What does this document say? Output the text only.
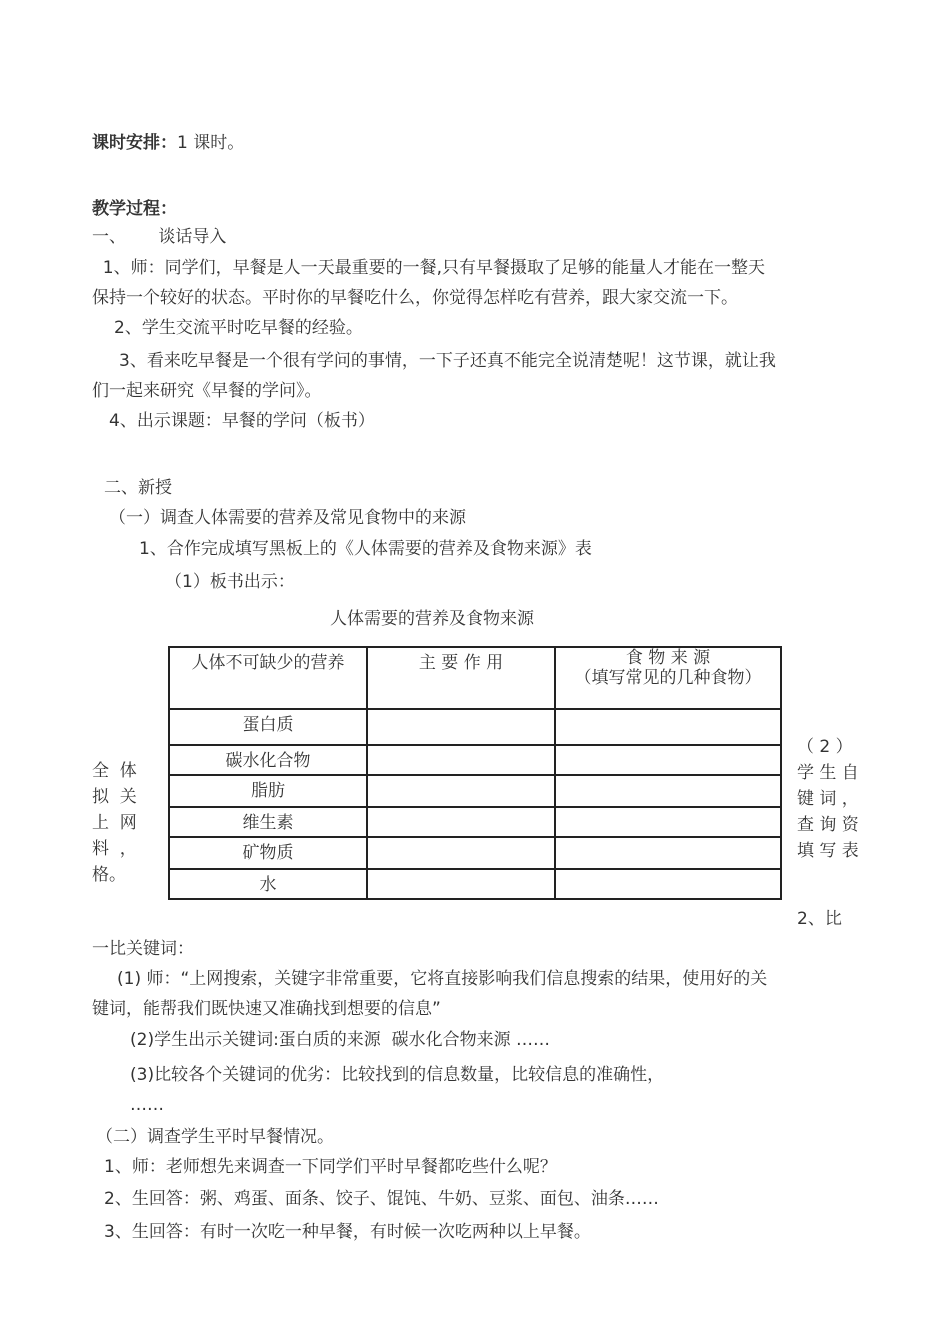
课时安排：1 课时。
教学过程：
一、      谈话导入
1、师：同学们，早餐是人一天最重要的一餐,只有早餐摄取了足够的能量人才能在一整天
保持一个较好的状态。平时你的早餐吃什么，你觉得怎样吃有营养，跟大家交流一下。
2、学生交流平时吃早餐的经验。
3、看来吃早餐是一个很有学问的事情，一下子还真不能完全说清楚呢！这节课，就让我
们一起来研究《早餐的学问》。
4、出示课题：早餐的学问（板书）
二、新授
（一）调查人体需要的营养及常见食物中的来源
1、合作完成填写黑板上的《人体需要的营养及食物来源》表
（1）板书出示：
人体需要的营养及食物来源
人体不可缺少的营养	主 要 作 用	食 物 来 源
（填写常见的几种食物）

蛋白质		
碳水化合物		
脂肪		
维生素		
矿物质		
水		
全  体
拟  关
上  网
料  ，
格。
（ 2 ）
学 生 自
键 词 ，
查 询 资
填 写 表
2、比
一比关键词：
(1) 师：“上网搜索，关键字非常重要，它将直接影响我们信息搜索的结果，使用好的关
键词，能帮我们既快速又准确找到想要的信息”
(2)学生出示关键词:蛋白质的来源  碳水化合物来源 ……
(3)比较各个关键词的优劣：比较找到的信息数量，比较信息的准确性，
……
（二）调查学生平时早餐情况。
1、师：老师想先来调查一下同学们平时早餐都吃些什么呢？
2、生回答：粥、鸡蛋、面条、饺子、馄饨、牛奶、豆浆、面包、油条……
3、生回答：有时一次吃一种早餐，有时候一次吃两种以上早餐。
